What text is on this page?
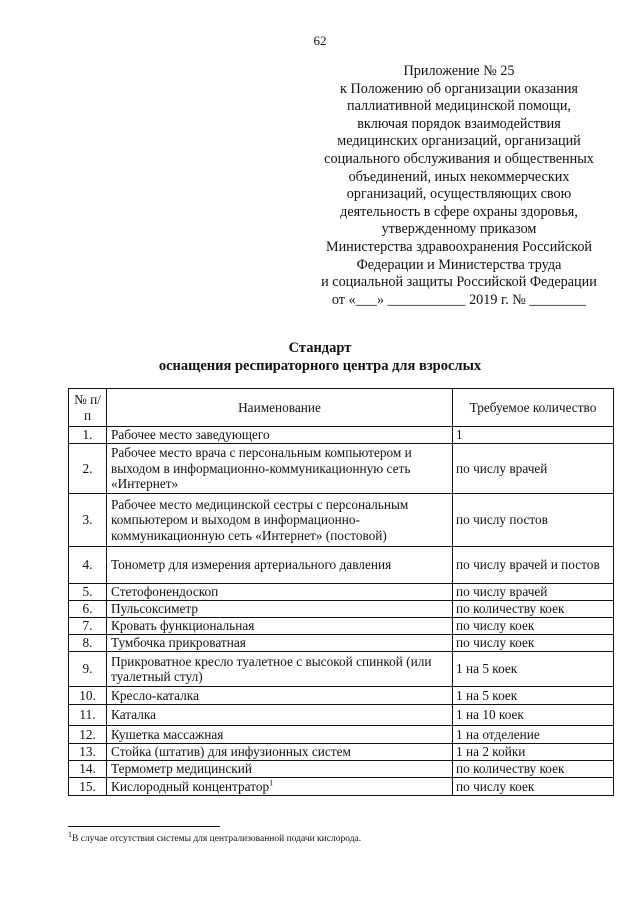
62
Приложение № 25
к Положению об организации оказания
паллиативной медицинской помощи,
включая порядок взаимодействия
медицинских организаций, организаций
социального обслуживания и общественных
объединений, иных некоммерческих
организаций, осуществляющих свою
деятельность в сфере охраны здоровья,
утвержденному приказом
Министерства здравоохранения Российской
Федерации и Министерства труда
и социальной защиты Российской Федерации
от «___» ___________ 2019 г. № ________
Стандарт
оснащения респираторного центра для взрослых
№ п/п	Наименование	Требуемое количество
1.	Рабочее место заведующего	1
2.	Рабочее место врача с персональным компьютером и выходом в информационно-коммуникационную сеть «Интернет»	по числу врачей
3.	Рабочее место медицинской сестры с персональным компьютером и выходом в информационно-коммуникационную сеть «Интернет» (постовой)	по числу постов
4.	Тонометр для измерения артериального давления	по числу врачей и постов
5.	Стетофонендоскоп	по числу врачей
6.	Пульсоксиметр	по количеству коек
7.	Кровать функциональная	по числу коек
8.	Тумбочка прикроватная	по числу коек
9.	Прикроватное кресло туалетное с высокой спинкой (или туалетный стул)	1 на 5 коек
10.	Кресло-каталка	1 на 5 коек
11.	Каталка	1 на 10 коек
12.	Кушетка массажная	1 на отделение
13.	Стойка (штатив) для инфузионных систем	1 на 2 койки
14.	Термометр медицинский	по количеству коек
15.	Кислородный концентратор$^1$	по числу коек
$^1$В случае отсутствия системы для централизованной подачи кислорода.
